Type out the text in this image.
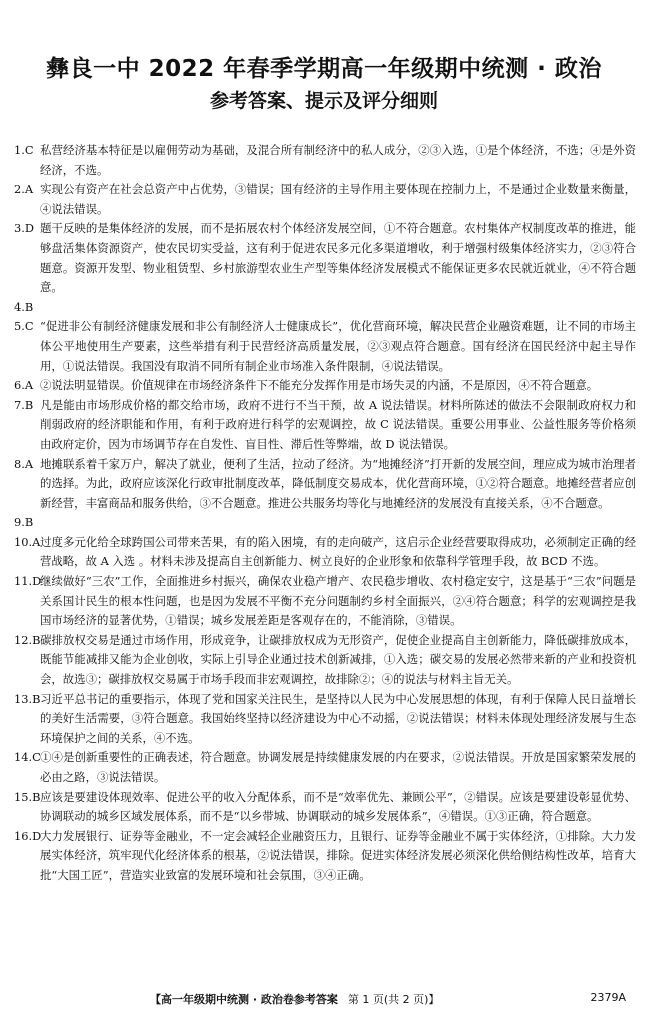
彝良一中 2022 年春季学期高一年级期中统测 · 政治
参考答案、提示及评分细则

1.C 私营经济基本特征是以雇佣劳动为基础，及混合所有制经济中的私人成分，②③入选，①是个体经济，不选；④是外资经济，不选。

2.A 实现公有资产在社会总资产中占优势，③错误；国有经济的主导作用主要体现在控制力上，不是通过企业数量来衡量，④说法错误。

3.D 题干反映的是集体经济的发展，而不是拓展农村个体经济发展空间，①不符合题意。农村集体产权制度改革的推进，能够盘活集体资源资产，使农民切实受益，这有利于促进农民多元化多渠道增收，利于增强村级集体经济实力，②③符合题意。资源开发型、物业租赁型、乡村旅游型农业生产型等集体经济发展模式不能保证更多农民就近就业，④不符合题意。

4.B

5.C “促进非公有制经济健康发展和非公有制经济人士健康成长”，优化营商环境，解决民营企业融资难题，让不同的市场主体公平地使用生产要素，这些举措有利于民营经济高质量发展，②③观点符合题意。国有经济在国民经济中起主导作用，①说法错误。我国没有取消不同所有制企业市场准入条件限制，④说法错误。

6.A ②说法明显错误。价值规律在市场经济条件下不能充分发挥作用是市场失灵的内涵，不是原因，④不符合题意。

7.B 凡是能由市场形成价格的都交给市场，政府不进行不当干预，故 A 说法错误。材料所陈述的做法不会限制政府权力和削弱政府的经济职能和作用，有利于政府进行科学的宏观调控，故 C 说法错误。重要公用事业、公益性服务等价格须由政府定价，因为市场调节存在自发性、盲目性、滞后性等弊端，故 D 说法错误。

8.A 地摊联系着千家万户，解决了就业，便利了生活，拉动了经济。为“地摊经济”打开新的发展空间，理应成为城市治理者的选择。为此，政府应该深化行政审批制度改革，降低制度交易成本，优化营商环境，①②符合题意。地摊经营者应创新经营，丰富商品和服务供给，③不合题意。推进公共服务均等化与地摊经济的发展没有直接关系，④不合题意。

9.B

10.A过度多元化给全球跨国公司带来苦果，有的陷入困境，有的走向破产，这启示企业经营要取得成功，必须制定正确的经营战略，故 A 入选 。材料未涉及提高自主创新能力、树立良好的企业形象和依靠科学管理手段，故 BCD 不选。

11.D继续做好“三农”工作，全面推进乡村振兴，确保农业稳产增产、农民稳步增收、农村稳定安宁，这是基于“三农”问题是关系国计民生的根本性问题，也是因为发展不平衡不充分问题制约乡村全面振兴，②④符合题意；科学的宏观调控是我国市场经济的显著优势，①错误；城乡发展差距是客观存在的，不能消除，③错误。

12.B碳排放权交易是通过市场作用，形成竞争，让碳排放权成为无形资产，促使企业提高自主创新能力，降低碳排放成本，既能节能减排又能为企业创收，实际上引导企业通过技术创新减排，①入选；碳交易的发展必然带来新的产业和投资机会，故选③；碳排放权交易属于市场手段而非宏观调控，故排除②；④的说法与材料主旨无关。

13.B习近平总书记的重要指示，体现了党和国家关注民生，是坚持以人民为中心发展思想的体现，有利于保障人民日益增长的美好生活需要，③符合题意。我国始终坚持以经济建设为中心不动摇，②说法错误；材料未体现处理经济发展与生态环境保护之间的关系，④不选。

14.C①④是创新重要性的正确表述，符合题意。协调发展是持续健康发展的内在要求，②说法错误。开放是国家繁荣发展的必由之路，③说法错误。

15.B应该是要建设体现效率、促进公平的收入分配体系，而不是“效率优先、兼顾公平”，②错误。应该是要建设彰显优势、协调联动的城乡区域发展体系，而不是“以乡带城、协调联动的城乡发展体系”，④错误。①③正确，符合题意。

16.D大力发展银行、证券等金融业，不一定会减轻企业融资压力，且银行、证券等金融业不属于实体经济，①排除。大力发展实体经济，筑牢现代化经济体系的根基，②说法错误，排除。促进实体经济发展必须深化供给侧结构性改革，培育大批“大国工匠”，营造实业致富的发展环境和社会氛围，③④正确。

【高一年级期中统测 · 政治卷参考答案 第 1 页(共 2 页)】	2379A
